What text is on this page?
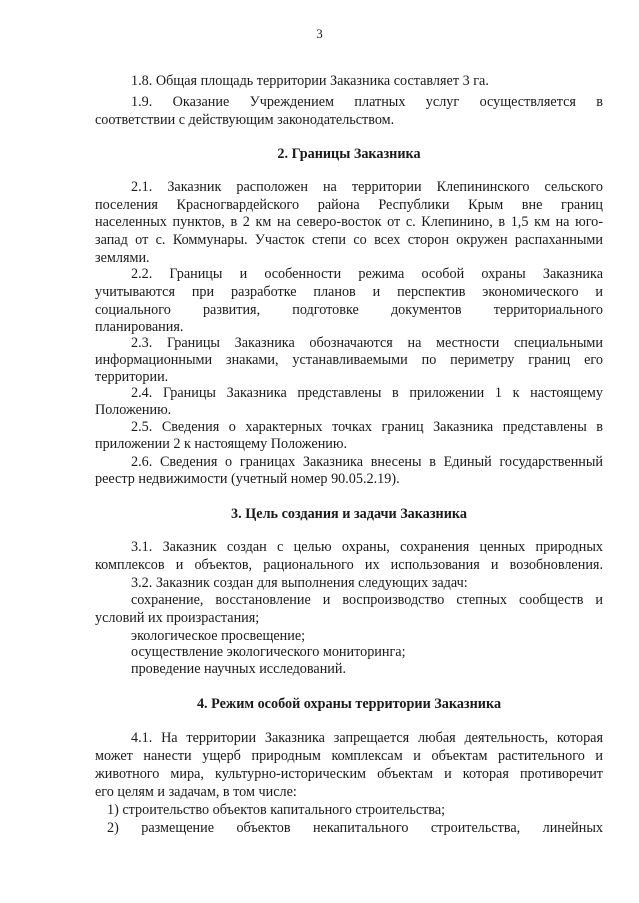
3
1.8. Общая площадь территории Заказника составляет 3 га.
1.9. Оказание Учреждением платных услуг осуществляется в
соответствии с действующим законодательством.
2. Границы Заказника
2.1. Заказник расположен на территории Клепининского сельского
поселения Красногвардейского района Республики Крым вне границ
населенных пунктов, в 2 км на северо-восток от с. Клепинино, в 1,5 км на юго-
запад от с. Коммунары. Участок степи со всех сторон окружен распаханными
землями.
2.2. Границы и особенности режима особой охраны Заказника
учитываются при разработке планов и перспектив экономического и
социального развития, подготовке документов территориального
планирования.
2.3. Границы Заказника обозначаются на местности специальными
информационными знаками, устанавливаемыми по периметру границ его
территории.
2.4. Границы Заказника представлены в приложении 1 к настоящему
Положению.
2.5. Сведения о характерных точках границ Заказника представлены в
приложении 2 к настоящему Положению.
2.6. Сведения о границах Заказника внесены в Единый государственный
реестр недвижимости (учетный номер 90.05.2.19).
3. Цель создания и задачи Заказника
3.1. Заказник создан с целью охраны, сохранения ценных природных
комплексов и объектов, рационального их использования и возобновления.
3.2. Заказник создан для выполнения следующих задач:
сохранение, восстановление и воспроизводство степных сообществ и
условий их произрастания;
экологическое просвещение;
осуществление экологического мониторинга;
проведение научных исследований.
4. Режим особой охраны территории Заказника
4.1. На территории Заказника запрещается любая деятельность, которая
может нанести ущерб природным комплексам и объектам растительного и
животного мира, культурно-историческим объектам и которая противоречит
его целям и задачам, в том числе:
1) строительство объектов капитального строительства;
2) размещение объектов некапитального строительства, линейных
